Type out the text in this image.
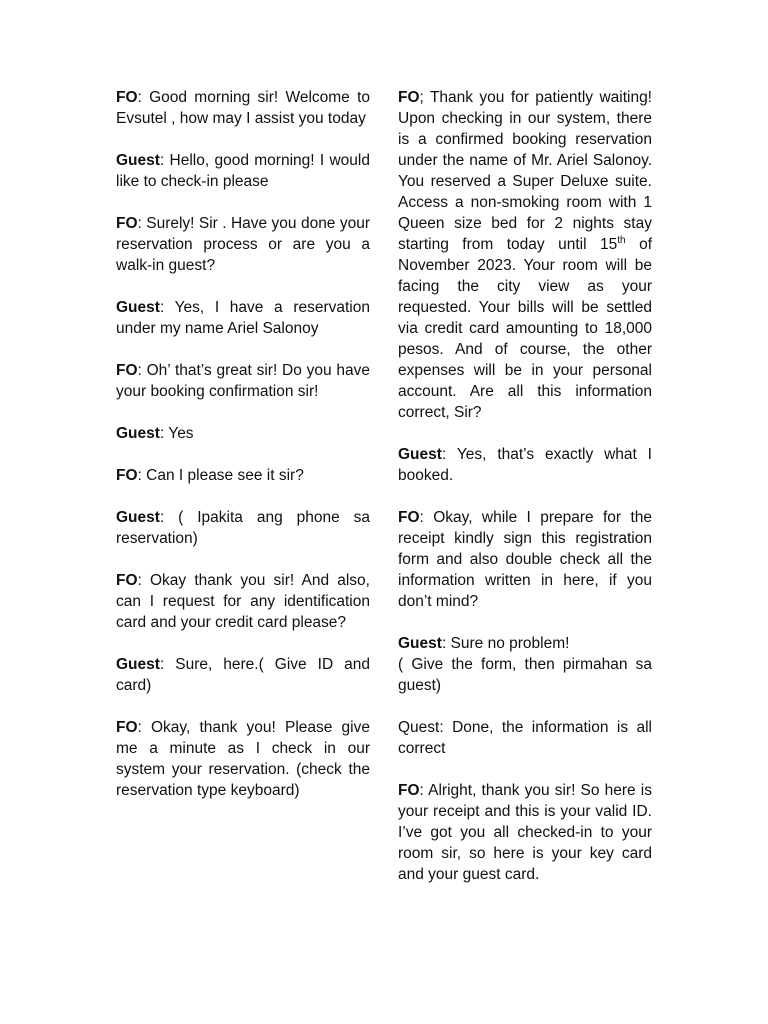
FO: Good morning sir! Welcome to Evsutel , how may I assist you today

Guest: Hello, good morning! I would like to check-in please

FO: Surely! Sir . Have you done your reservation process or are you a walk-in guest?

Guest: Yes, I have a reservation under my name Ariel Salonoy

FO: Oh’ that’s great sir! Do you have your booking confirmation sir!

Guest: Yes

FO: Can I please see it sir?

Guest: ( Ipakita ang phone sa reservation)

FO: Okay thank you sir! And also, can I request for any identification card and your credit card please?

Guest: Sure, here.( Give ID and card)

FO: Okay, thank you! Please give me a minute as I check in our system your reservation. (check the reservation type keyboard)

FO; Thank you for patiently waiting! Upon checking in our system, there is a confirmed booking reservation under the name of Mr. Ariel Salonoy. You reserved a Super Deluxe suite. Access a non-smoking room with 1 Queen size bed for 2 nights stay starting from today until 15th of November 2023. Your room will be facing the city view as your requested. Your bills will be settled via credit card amounting to 18,000 pesos. And of course, the other expenses will be in your personal account. Are all this information correct, Sir?

Guest: Yes, that’s exactly what I booked.

FO: Okay, while I prepare for the receipt kindly sign this registration form and also double check all the information written in here, if you don’t mind?

Guest: Sure no problem!

( Give the form, then pirmahan sa guest)

Quest: Done, the information is all correct

FO: Alright, thank you sir! So here is your receipt and this is your valid ID. I’ve got you all checked-in to your room sir, so here is your key card and your guest card.
